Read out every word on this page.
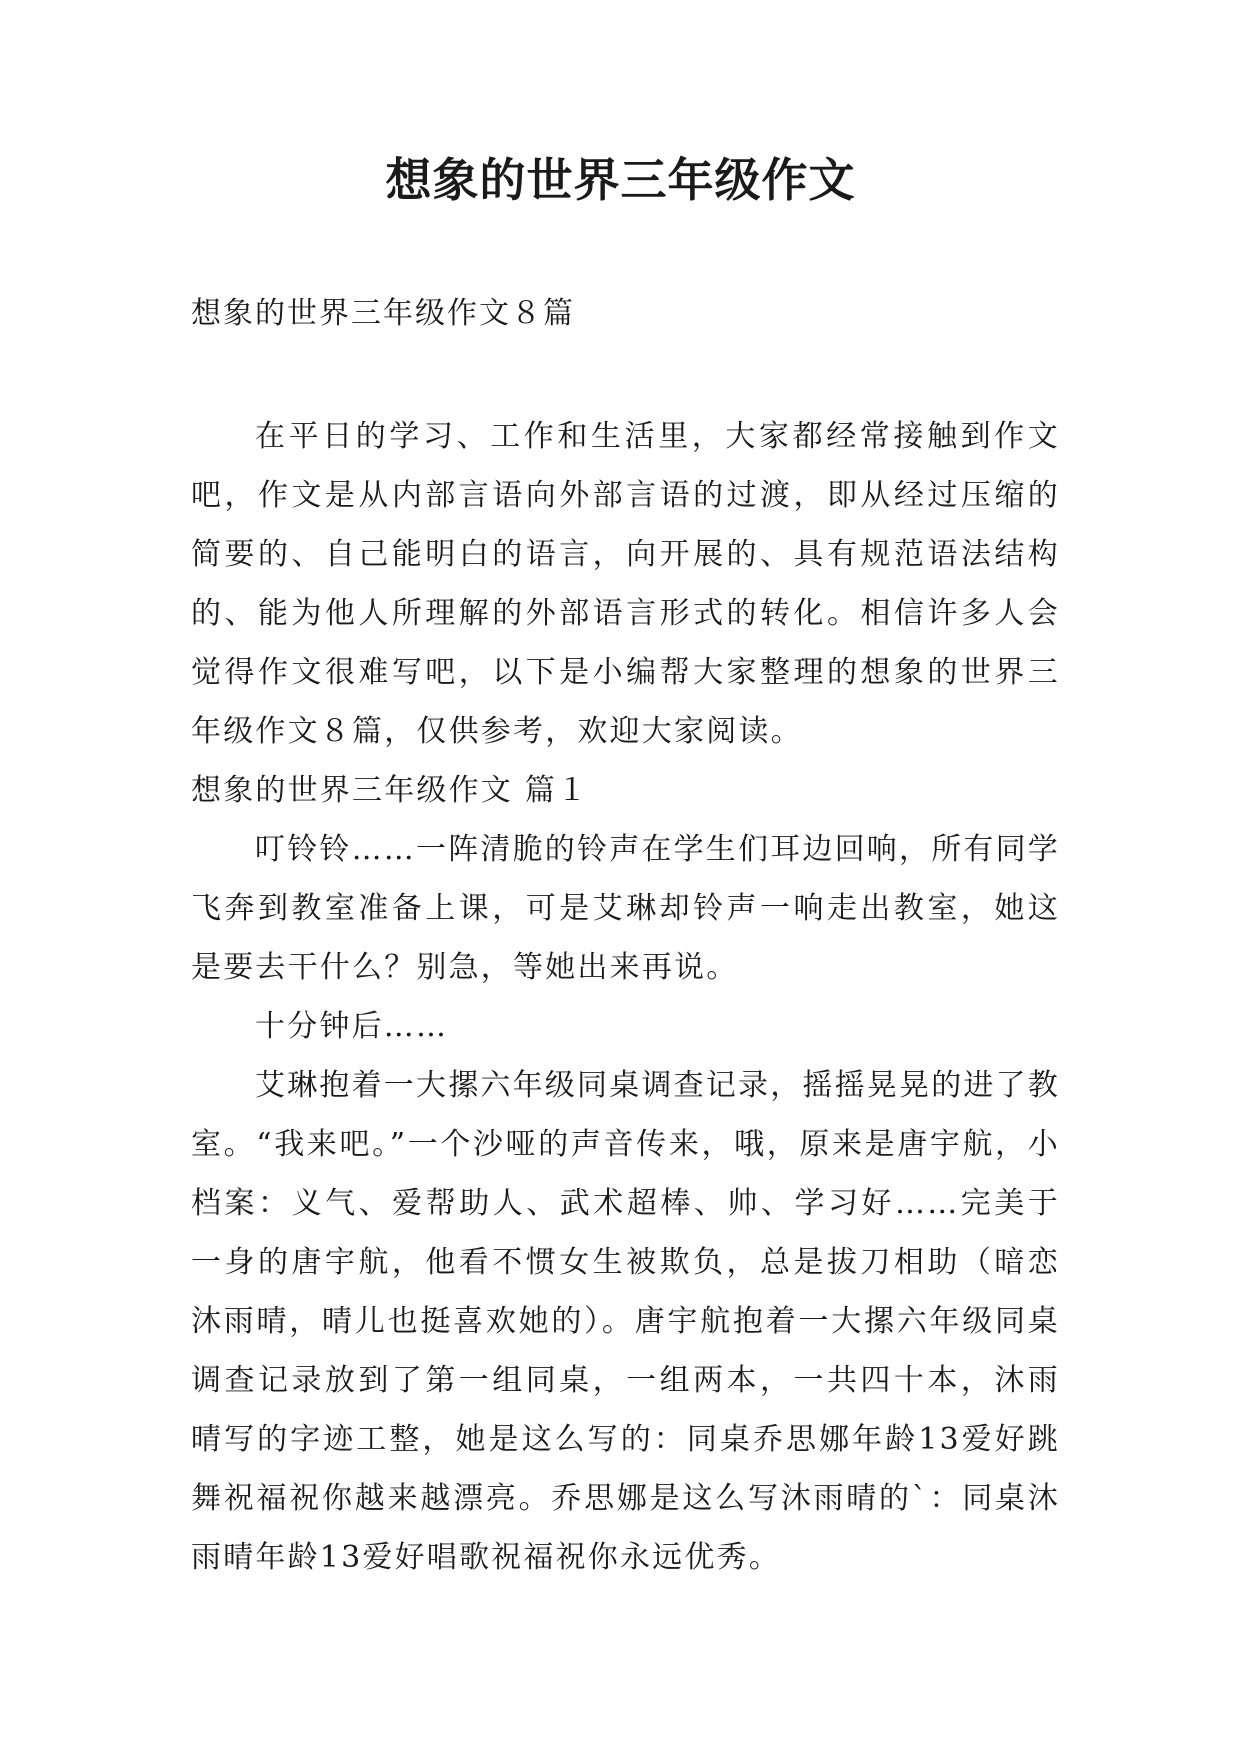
想象的世界三年级作文
想象的世界三年级作文８篇

在平日的学习、工作和生活里，大家都经常接触到作文吧，作文是从内部言语向外部言语的过渡，即从经过压缩的简要的、自己能明白的语言，向开展的、具有规范语法结构的、能为他人所理解的外部语言形式的转化。相信许多人会觉得作文很难写吧，以下是小编帮大家整理的想象的世界三年级作文８篇，仅供参考，欢迎大家阅读。

想象的世界三年级作文 篇１

叮铃铃……一阵清脆的铃声在学生们耳边回响，所有同学飞奔到教室准备上课，可是艾琳却铃声一响走出教室，她这是要去干什么？别急，等她出来再说。

十分钟后……

艾琳抱着一大摞六年级同桌调查记录，摇摇晃晃的进了教室。“我来吧。”一个沙哑的声音传来，哦，原来是唐宇航，小档案：义气、爱帮助人、武术超棒、帅、学习好……完美于一身的唐宇航，他看不惯女生被欺负，总是拔刀相助（暗恋沐雨晴，晴儿也挺喜欢她的）。唐宇航抱着一大摞六年级同桌调查记录放到了第一组同桌，一组两本，一共四十本，沐雨晴写的字迹工整，她是这么写的：同桌乔思娜年龄13爱好跳舞祝福祝你越来越漂亮。乔思娜是这么写沐雨晴的`：同桌沐雨晴年龄13爱好唱歌祝福祝你永远优秀。
